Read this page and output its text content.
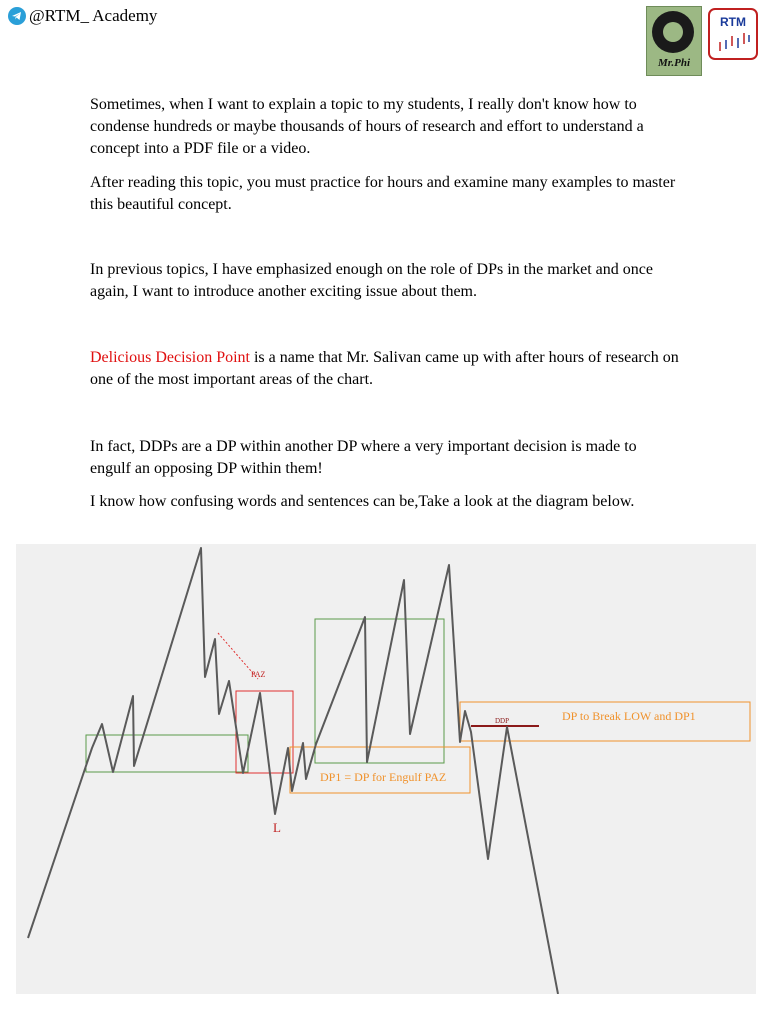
@RTM_ Academy
Mr.Phi
RTM

Sometimes, when I want to explain a topic to my students, I really don't know how to condense hundreds or maybe thousands of hours of research and effort to understand a concept into a PDF file or a video.

After reading this topic, you must practice for hours and examine many examples to master this beautiful concept.

In previous topics, I have emphasized enough on the role of DPs in the market and once again, I want to introduce another exciting issue about them.

Delicious Decision Point is a name that Mr. Salivan came up with after hours of research on one of the most important areas of the chart.

In fact, DDPs are a DP within another DP where a very important decision is made to engulf an opposing DP within them!

I know how confusing words and sentences can be,Take a look at the diagram below.

PAZ
L
DP1 = DP for Engulf PAZ
DDP	DP to Break LOW and DP1
